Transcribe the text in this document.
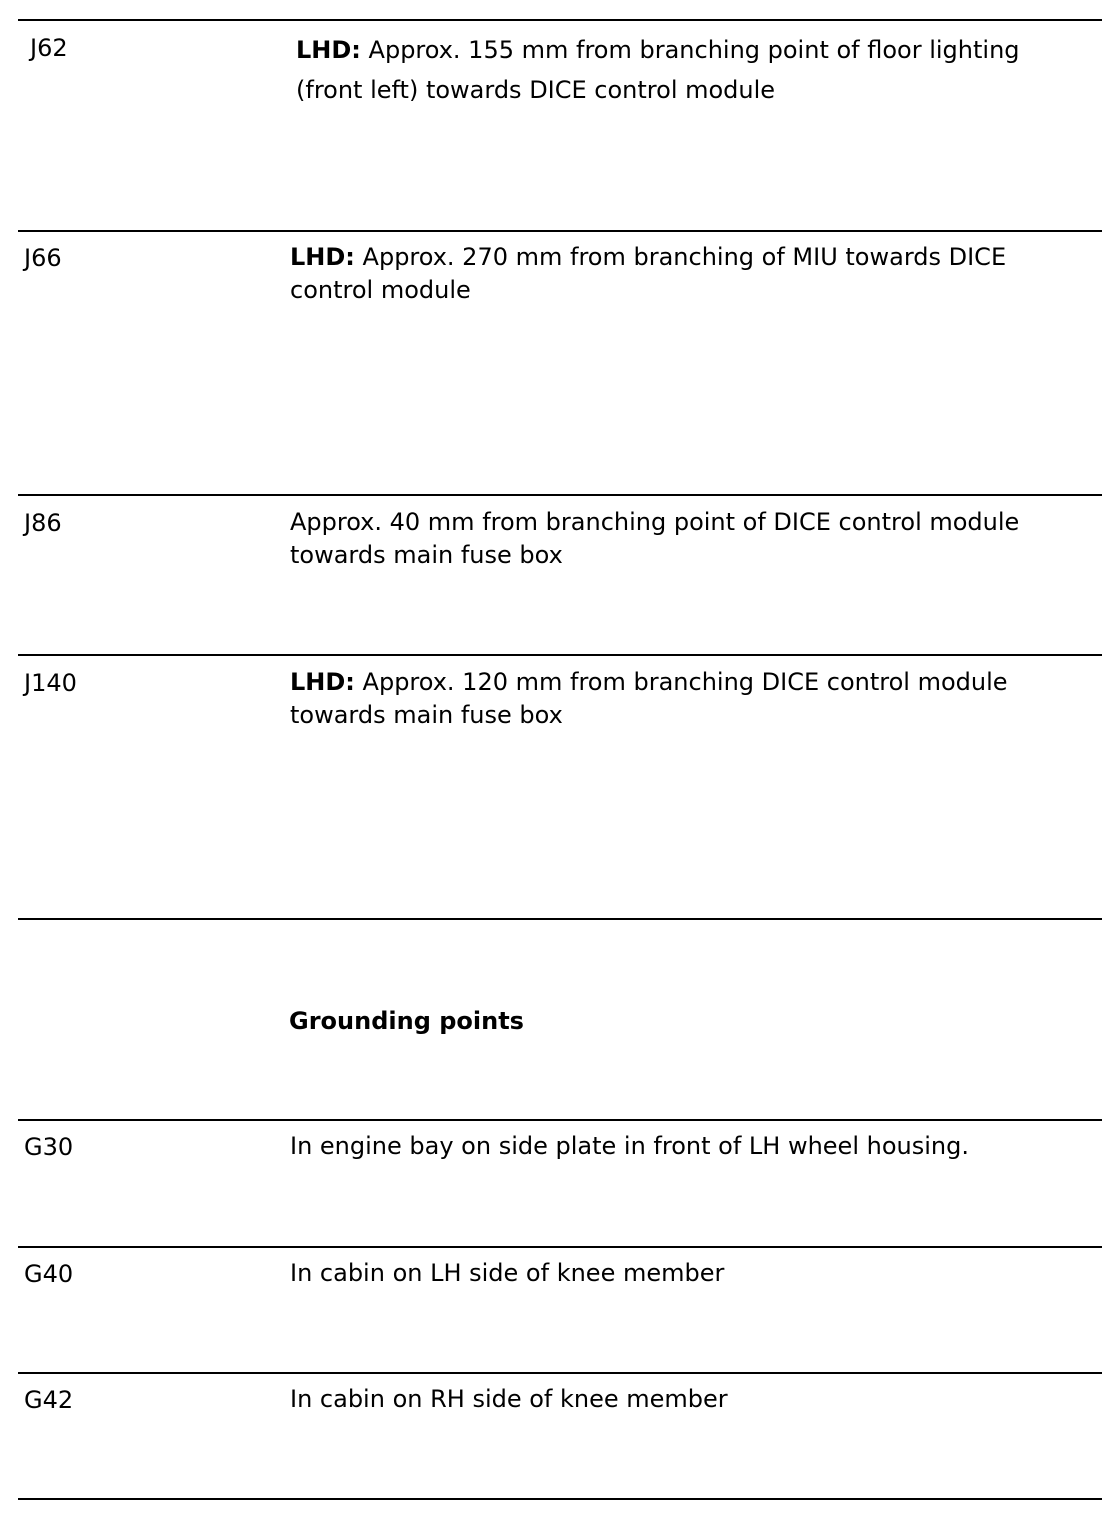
J62	LHD: Approx. 155 mm from branching point of floor lighting (front left) towards DICE control module
J66	LHD: Approx. 270 mm from branching of MIU towards DICE control module
J86	Approx. 40 mm from branching point of DICE control module towards main fuse box
J140	LHD: Approx. 120 mm from branching DICE control module towards main fuse box
Grounding points
G30	In engine bay on side plate in front of LH wheel housing.
G40	In cabin on LH side of knee member
G42	In cabin on RH side of knee member
